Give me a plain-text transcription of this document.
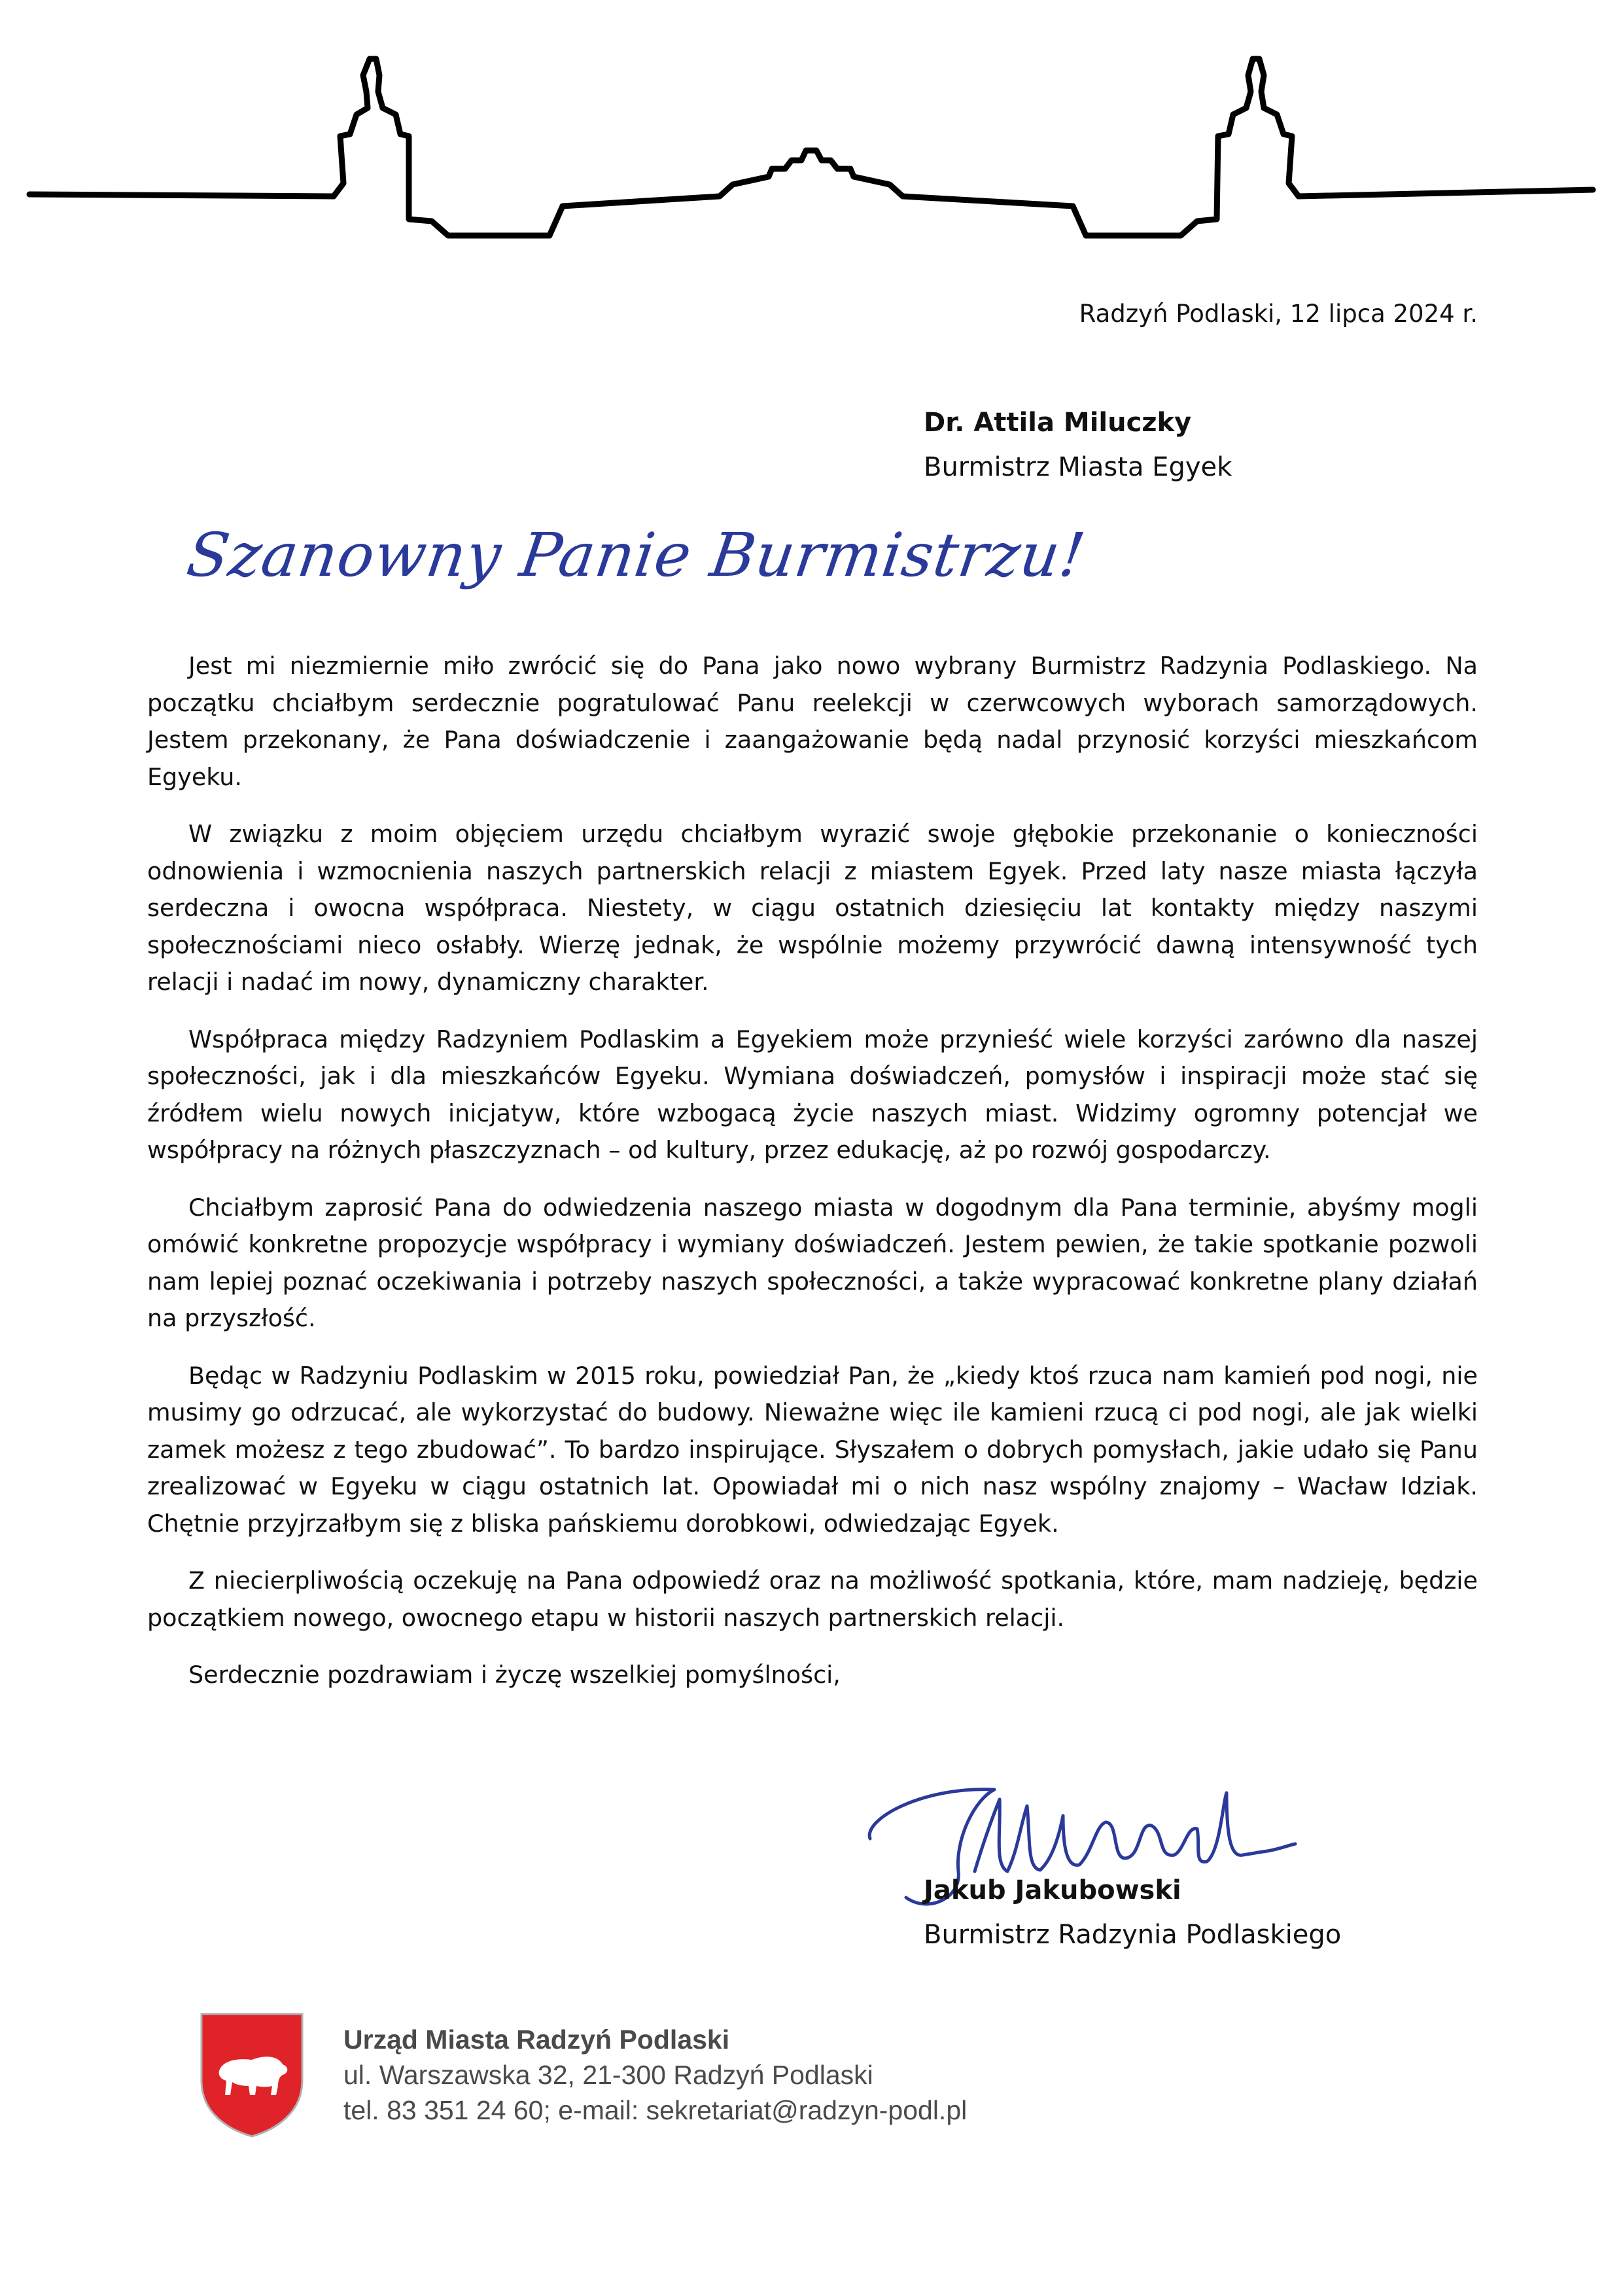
Radzyń Podlaski, 12 lipca 2024 r.
Dr. Attila Miluczky
Burmistrz Miasta Egyek
Szanowny Panie Burmistrzu!

Jest mi niezmiernie miło zwrócić się do Pana jako nowo wybrany Burmistrz Radzynia Podlaskiego. Na początku chciałbym serdecznie pogratulować Panu reelekcji w czerwcowych wyborach samorządowych. Jestem przekonany, że Pana doświadczenie i zaangażowanie będą nadal przynosić korzyści mieszkańcom Egyeku.

W związku z moim objęciem urzędu chciałbym wyrazić swoje głębokie przekonanie o konieczności odnowienia i wzmocnienia naszych partnerskich relacji z miastem Egyek. Przed laty nasze miasta łączyła serdeczna i owocna współpraca. Niestety, w ciągu ostatnich dziesięciu lat kontakty między naszymi społecznościami nieco osłabły. Wierzę jednak, że wspólnie możemy przywrócić dawną intensywność tych relacji i nadać im nowy, dynamiczny charakter.

Współpraca między Radzyniem Podlaskim a Egyekiem może przynieść wiele korzyści zarówno dla naszej społeczności, jak i dla mieszkańców Egyeku. Wymiana doświadczeń, pomysłów i inspiracji może stać się źródłem wielu nowych inicjatyw, które wzbogacą życie naszych miast. Widzimy ogromny potencjał we współpracy na różnych płaszczyznach – od kultury, przez edukację, aż po rozwój gospodarczy.

Chciałbym zaprosić Pana do odwiedzenia naszego miasta w dogodnym dla Pana terminie, abyśmy mogli omówić konkretne propozycje współpracy i wymiany doświadczeń. Jestem pewien, że takie spotkanie pozwoli nam lepiej poznać oczekiwania i potrzeby naszych społeczności, a także wypracować konkretne plany działań na przyszłość.

Będąc w Radzyniu Podlaskim w 2015 roku, powiedział Pan, że „kiedy ktoś rzuca nam kamień pod nogi, nie musimy go odrzucać, ale wykorzystać do budowy. Nieważne więc ile kamieni rzucą ci pod nogi, ale jak wielki zamek możesz z tego zbudować”. To bardzo inspirujące. Słyszałem o dobrych pomysłach, jakie udało się Panu zrealizować w Egyeku w ciągu ostatnich lat. Opowiadał mi o nich nasz wspólny znajomy – Wacław Idziak. Chętnie przyjrzałbym się z bliska pańskiemu dorobkowi, odwiedzając Egyek.

Z niecierpliwością oczekuję na Pana odpowiedź oraz na możliwość spotkania, które, mam nadzieję, będzie początkiem nowego, owocnego etapu w historii naszych partnerskich relacji.

Serdecznie pozdrawiam i życzę wszelkiej pomyślności,

Jakub Jakubowski
Burmistrz Radzynia Podlaskiego
Urząd Miasta Radzyń Podlaski
ul. Warszawska 32, 21-300 Radzyń Podlaski
tel. 83 351 24 60; e-mail: sekretariat@radzyn-podl.pl
